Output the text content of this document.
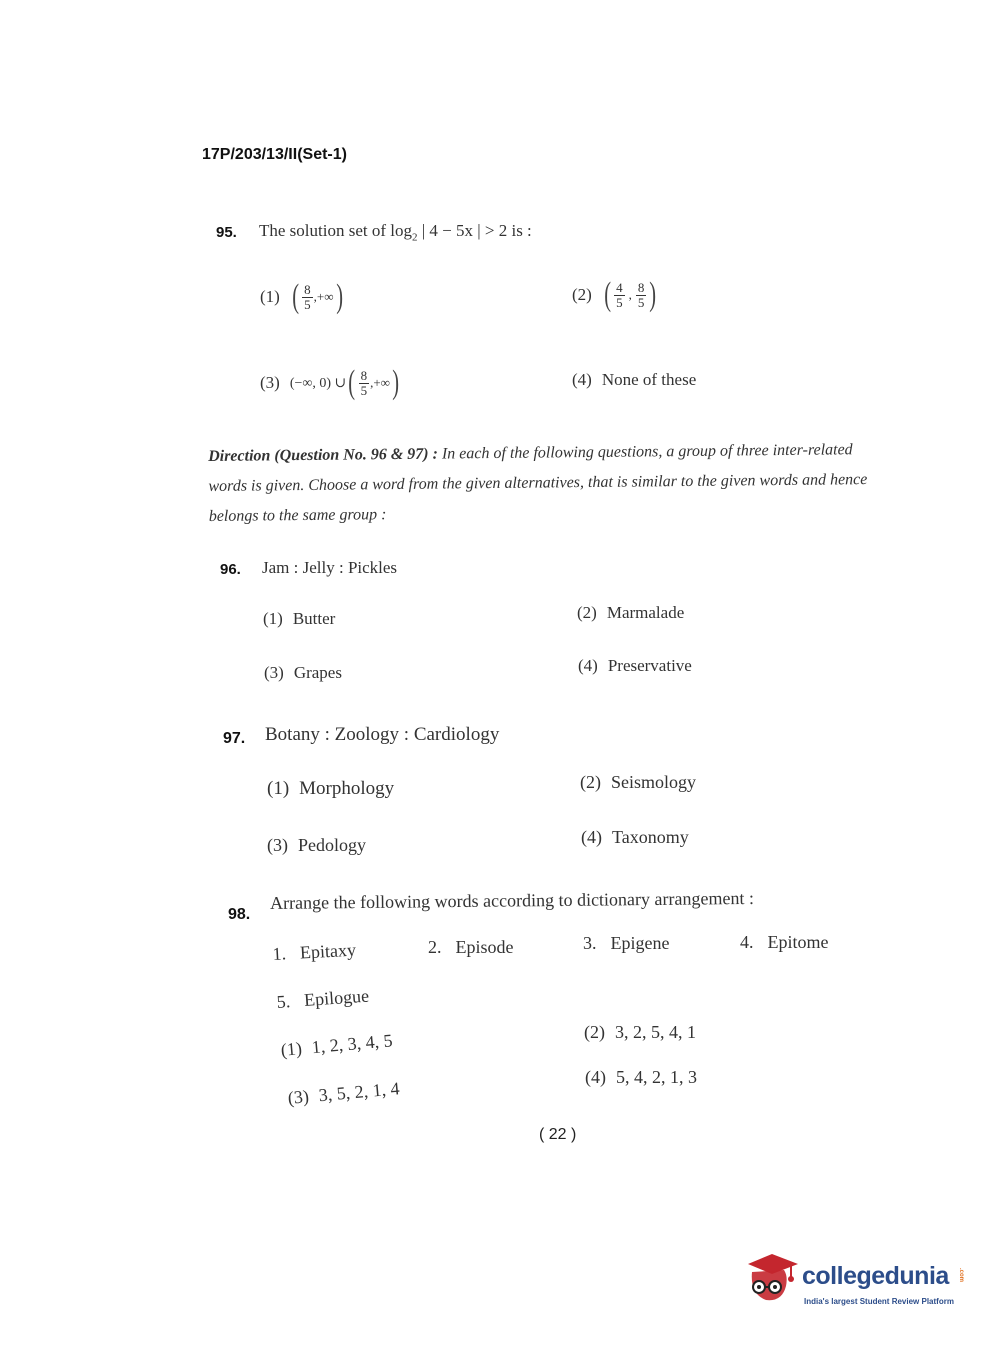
17P/203/13/II(Set-1)
95. The solution set of $\log_2$ | 4 − 5x | > 2 is :
(1) ( $\frac{8}{5}$ ,+∞ )	(2) ( $\frac{4}{5}$ , $\frac{8}{5}$ )
(3) (−∞, 0) ∪ ( $\frac{8}{5}$ ,+∞ )	(4) None of these
Direction (Question No. 96 & 97) : In each of the following questions, a group of three inter-related words is given. Choose a word from the given alternatives, that is similar to the given words and hence belongs to the same group :
96. Jam : Jelly : Pickles
(1) Butter	(2) Marmalade
(3) Grapes	(4) Preservative
97. Botany : Zoology : Cardiology
(1) Morphology	(2) Seismology
(3) Pedology	(4) Taxonomy
98.
Arrange the following words according to dictionary arrangement :
1. Epitaxy	2. Episode	3. Epigene	4. Epitome
5. Epilogue
(1) 1, 2, 3, 4, 5	(2) 3, 2, 5, 4, 1
(3) 3, 5, 2, 1, 4
(4) 5, 4, 2, 1, 3
( 22 )
collegedunia .com
India's largest Student Review Platform
